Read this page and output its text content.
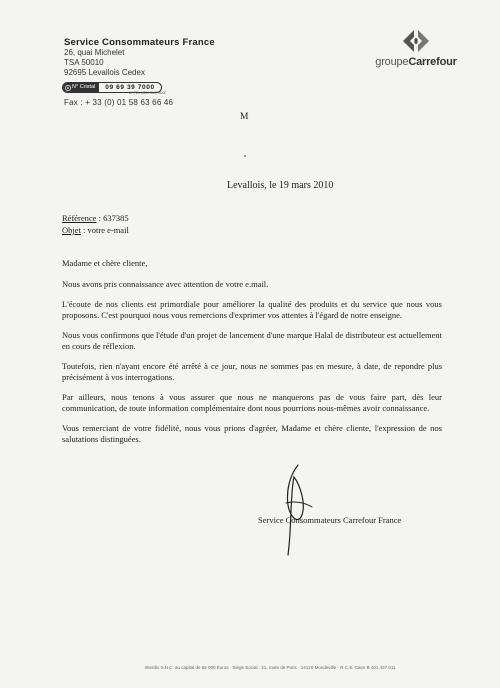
Service Consommateurs France
26, quai Michelet
TSA 50010
92695 Levallois Cedex
N° Cristal	09 69 39 7000
APPEL NON SURTAXE
Fax : + 33 (0) 01 58 63 66 46
groupeCarrefour
M
Levallois, le 19 mars 2010
Référence : 637385
Objet : votre e-mail

Madame et chère cliente,

Nous avons pris connaissance avec attention de votre e.mail.

L'écoute de nos clients est primordiale pour améliorer la qualité des produits et du service que nous vous proposons. C'est pourquoi nous vous remercions d'exprimer vos attentes à l'égard de notre enseigne.

Nous vous confirmons que l'étude d'un projet de lancement d'une marque Halal de distributeur est actuellement en cours de réflexion.

Toutefois, rien n'ayant encore été arrêté à ce jour, nous ne sommes pas en mesure, à date, de repondre plus précisément à vos interrogations.

Par ailleurs, nous tenons à vous assurer que nous ne manquerons pas de vous faire part, dès leur communication, de toute information complémentaire dont nous pourrions nous-mêmes avoir connaissance.

Vous remerciant de votre fidélité, nous vous prions d'agréer, Madame et chère cliente, l'expression de nos salutations distinguées.

Service Consommateurs Carrefour France
Interdis S.N.C. au capital de 56 000 Euros · Siège Social : 21, route de Paris · 14120 Mondeville · R.C.S. Caen B 401 437 011
